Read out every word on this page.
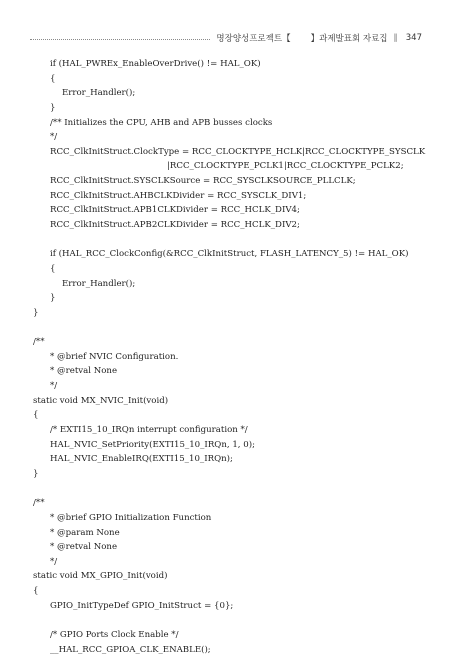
명장양성프로젝트【 】과제발표회 자료집 ∥ 347
if (HAL_PWREx_EnableOverDrive() != HAL_OK)
{
Error_Handler();
}
/** Initializes the CPU, AHB and APB busses clocks
*/
RCC_ClkInitStruct.ClockType = RCC_CLOCKTYPE_HCLK|RCC_CLOCKTYPE_SYSCLK
|RCC_CLOCKTYPE_PCLK1|RCC_CLOCKTYPE_PCLK2;
RCC_ClkInitStruct.SYSCLKSource = RCC_SYSCLKSOURCE_PLLCLK;
RCC_ClkInitStruct.AHBCLKDivider = RCC_SYSCLK_DIV1;
RCC_ClkInitStruct.APB1CLKDivider = RCC_HCLK_DIV4;
RCC_ClkInitStruct.APB2CLKDivider = RCC_HCLK_DIV2;
if (HAL_RCC_ClockConfig(&RCC_ClkInitStruct, FLASH_LATENCY_5) != HAL_OK)
{
Error_Handler();
}
}
/**
* @brief NVIC Configuration.
* @retval None
*/
static void MX_NVIC_Init(void)
{
/* EXTI15_10_IRQn interrupt configuration */
HAL_NVIC_SetPriority(EXTI15_10_IRQn, 1, 0);
HAL_NVIC_EnableIRQ(EXTI15_10_IRQn);
}
/**
* @brief GPIO Initialization Function
* @param None
* @retval None
*/
static void MX_GPIO_Init(void)
{
GPIO_InitTypeDef GPIO_InitStruct = {0};
/* GPIO Ports Clock Enable */
__HAL_RCC_GPIOA_CLK_ENABLE();
